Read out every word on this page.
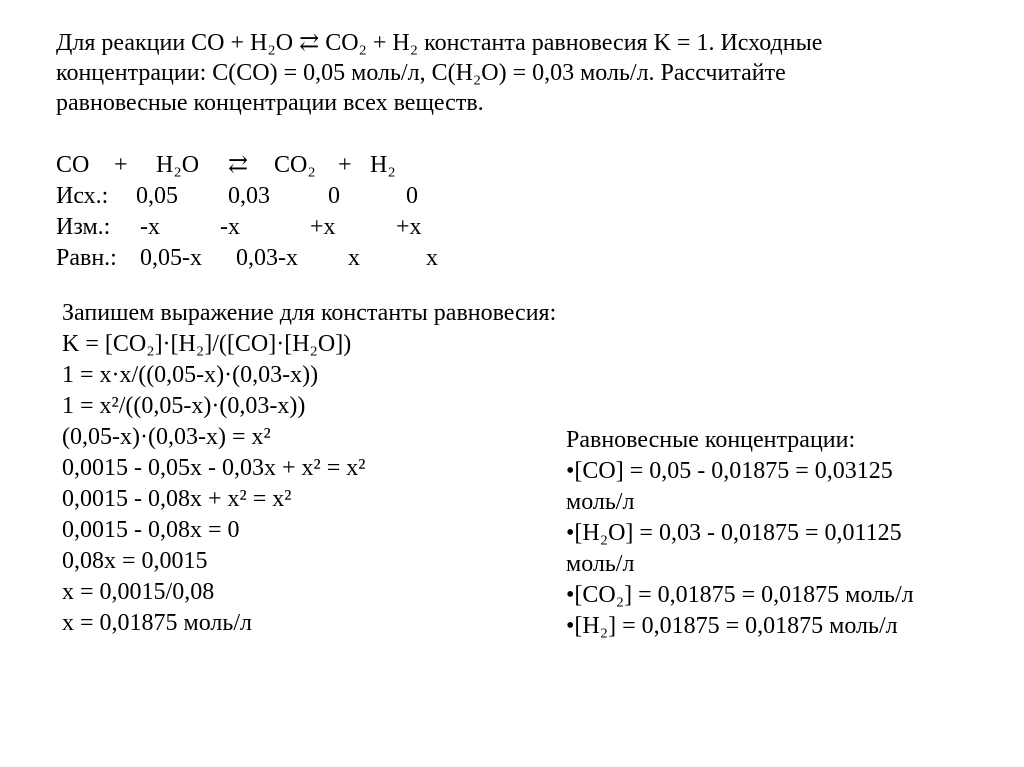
Для реакции CO + H₂O ⇄ CO₂ + H₂ константа равновесия K = 1. Исходные
концентрации: C(CO) = 0,05 моль/л, C(H₂O) = 0,03 моль/л. Рассчитайте
равновесные концентрации всех веществ.
CO + H₂O ⇄ CO₂ + H₂
Исх.: 0,05 0,03 0	0
Изм.: -x	-x	+x	+x
Равн.: 0,05-x 0,03-x x	x
Запишем выражение для константы равновесия:
K = [CO₂]·[H₂]/([CO]·[H₂O])
1 = x·x/((0,05-x)·(0,03-x))
1 = x²/((0,05-x)·(0,03-x))
(0,05-x)·(0,03-x) = x²
0,0015 - 0,05x - 0,03x + x² = x²
0,0015 - 0,08x + x² = x²
0,0015 - 0,08x = 0
0,08x = 0,0015
x = 0,0015/0,08
x = 0,01875 моль/л
Равновесные концентрации:
•[CO] = 0,05 - 0,01875 = 0,03125
моль/л
•[H₂O] = 0,03 - 0,01875 = 0,01125
моль/л
•[CO₂] = 0,01875 = 0,01875 моль/л
•[H₂] = 0,01875 = 0,01875 моль/л
